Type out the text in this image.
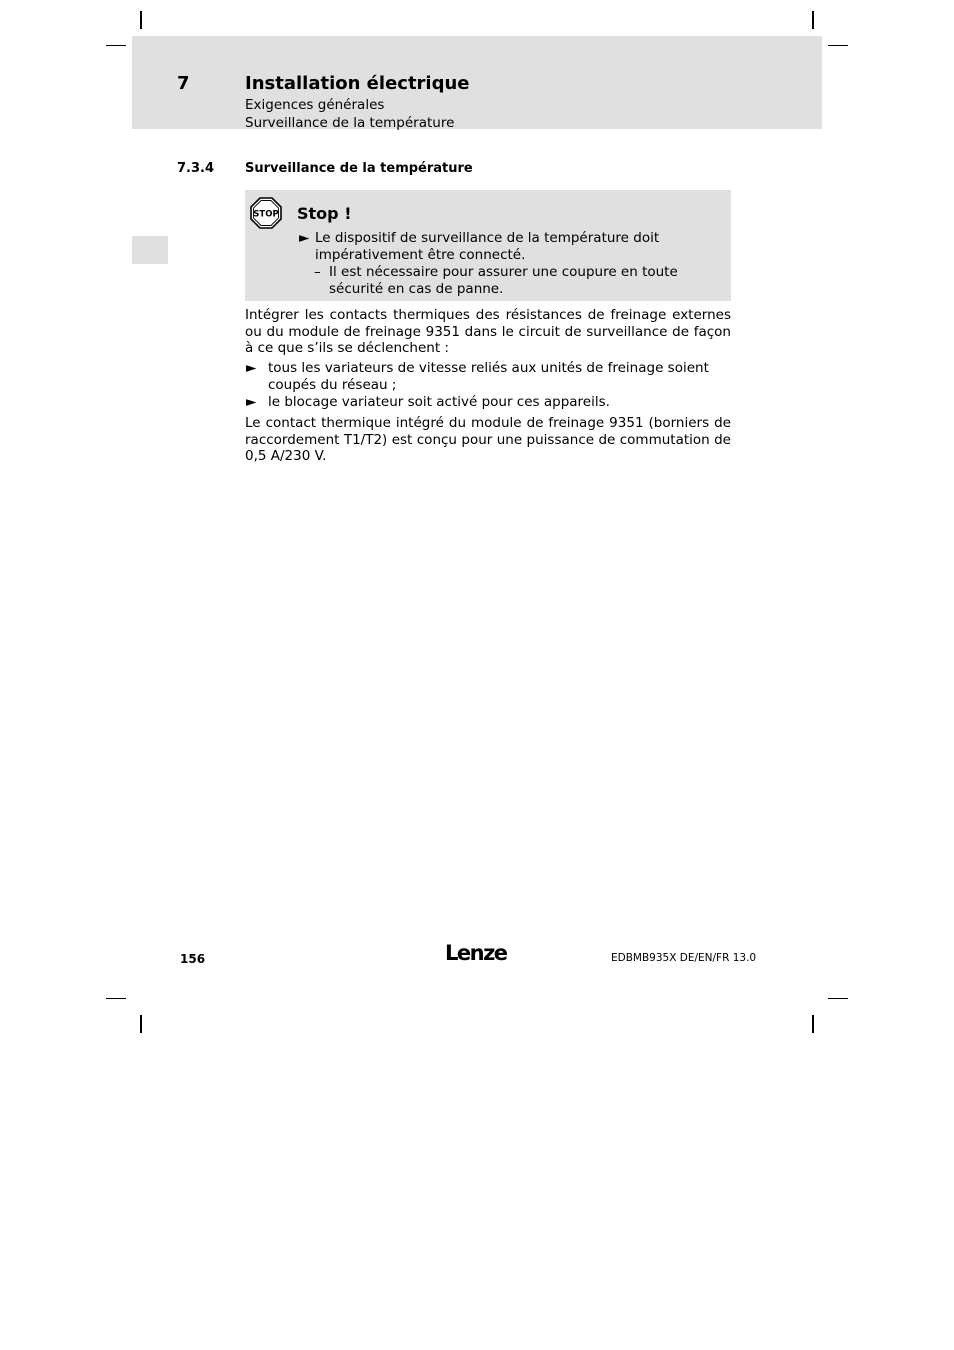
7	Installation électrique
Exigences générales
Surveillance de la température
7.3.4 Surveillance de la température
STOP Stop !
► Le dispositif de surveillance de la température doit impérativement être connecté.
– Il est nécessaire pour assurer une coupure en toute sécurité en cas de panne.
Intégrer les contacts thermiques des résistances de freinage externes ou du module de freinage 9351 dans le circuit de surveillance de façon à ce que s’ils se déclenchent :
► tous les variateurs de vitesse reliés aux unités de freinage soient coupés du réseau ;
► le blocage variateur soit activé pour ces appareils.
Le contact thermique intégré du module de freinage 9351 (borniers de raccordement T1/T2) est conçu pour une puissance de commutation de 0,5 A/230 V.
156	Lenze	EDBMB935X DE/EN/FR 13.0
